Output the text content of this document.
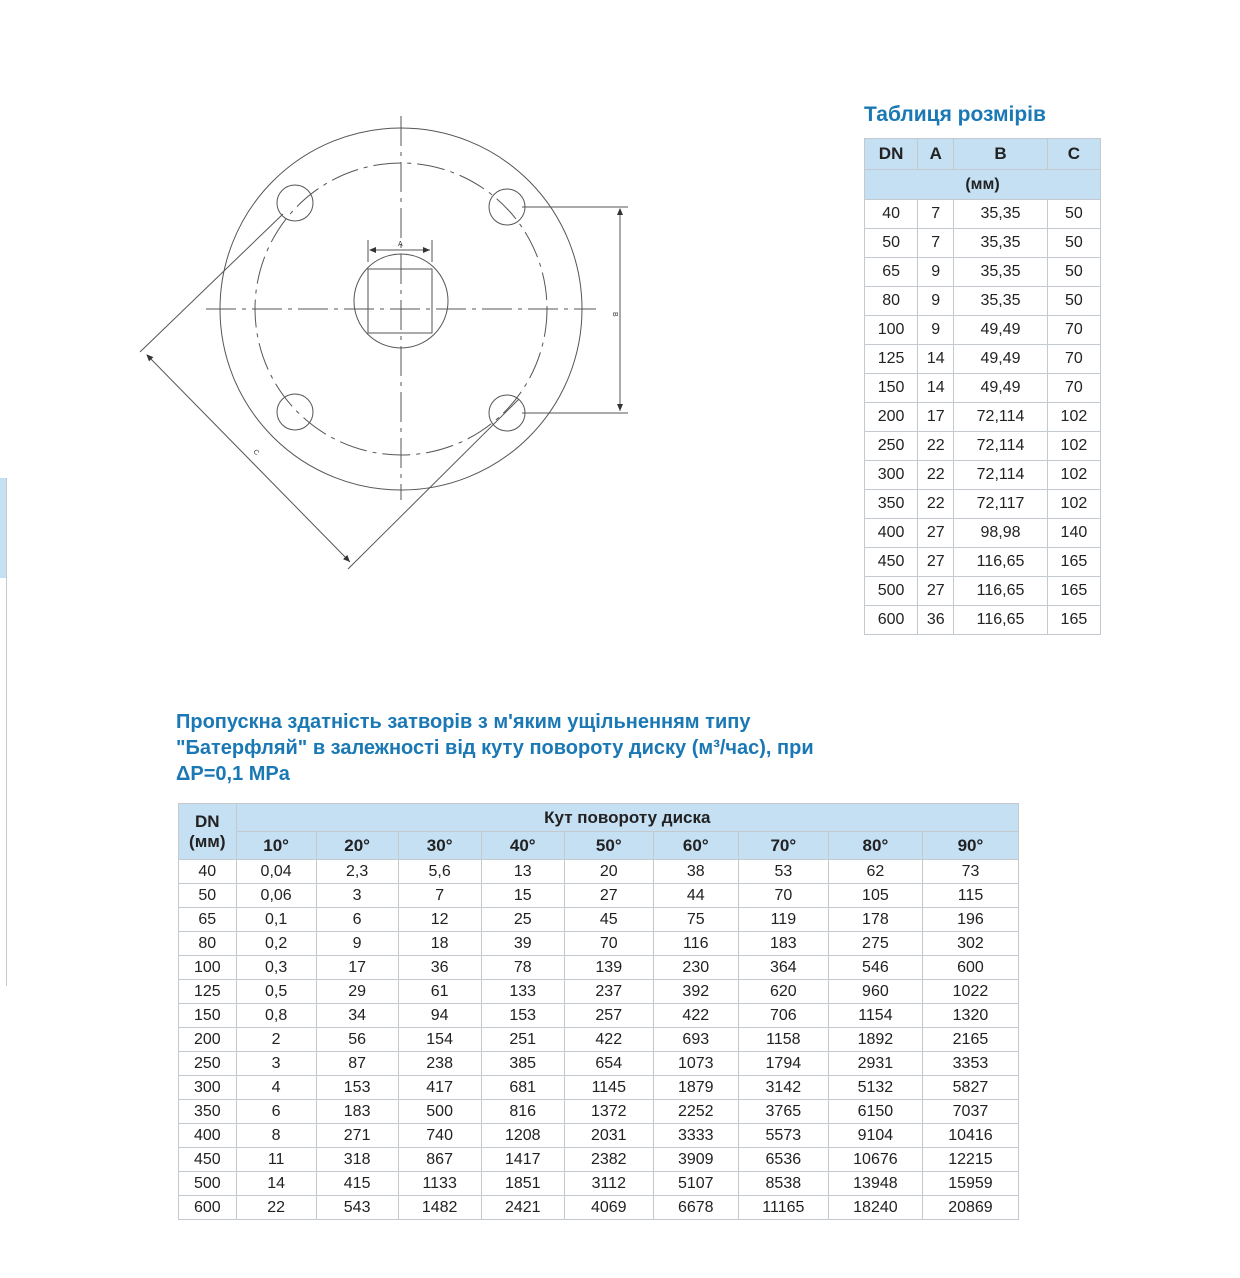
A
B
C
Таблиця розмірів
DN	A	B	C
(мм)			
40	7	35,35	50
50	7	35,35	50
65	9	35,35	50
80	9	35,35	50
100	9	49,49	70
125	14	49,49	70
150	14	49,49	70
200	17	72,114	102
250	22	72,114	102
300	22	72,114	102
350	22	72,117	102
400	27	98,98	140
450	27	116,65	165
500	27	116,65	165
600	36	116,65	165
Пропускна здатність затворів з м'яким ущільненням типу "Батерфляй" в залежності від куту повороту диску (м³/час), при ΔP=0,1 MPa
DN
(мм)	Кут повороту диска								
	10°	20°	30°	40°	50°	60°	70°	80°	90°
40	0,04	2,3	5,6	13	20	38	53	62	73
50	0,06	3	7	15	27	44	70	105	115
65	0,1	6	12	25	45	75	119	178	196
80	0,2	9	18	39	70	116	183	275	302
100	0,3	17	36	78	139	230	364	546	600
125	0,5	29	61	133	237	392	620	960	1022
150	0,8	34	94	153	257	422	706	1154	1320
200	2	56	154	251	422	693	1158	1892	2165
250	3	87	238	385	654	1073	1794	2931	3353
300	4	153	417	681	1145	1879	3142	5132	5827
350	6	183	500	816	1372	2252	3765	6150	7037
400	8	271	740	1208	2031	3333	5573	9104	10416
450	11	318	867	1417	2382	3909	6536	10676	12215
500	14	415	1133	1851	3112	5107	8538	13948	15959
600	22	543	1482	2421	4069	6678	11165	18240	20869
